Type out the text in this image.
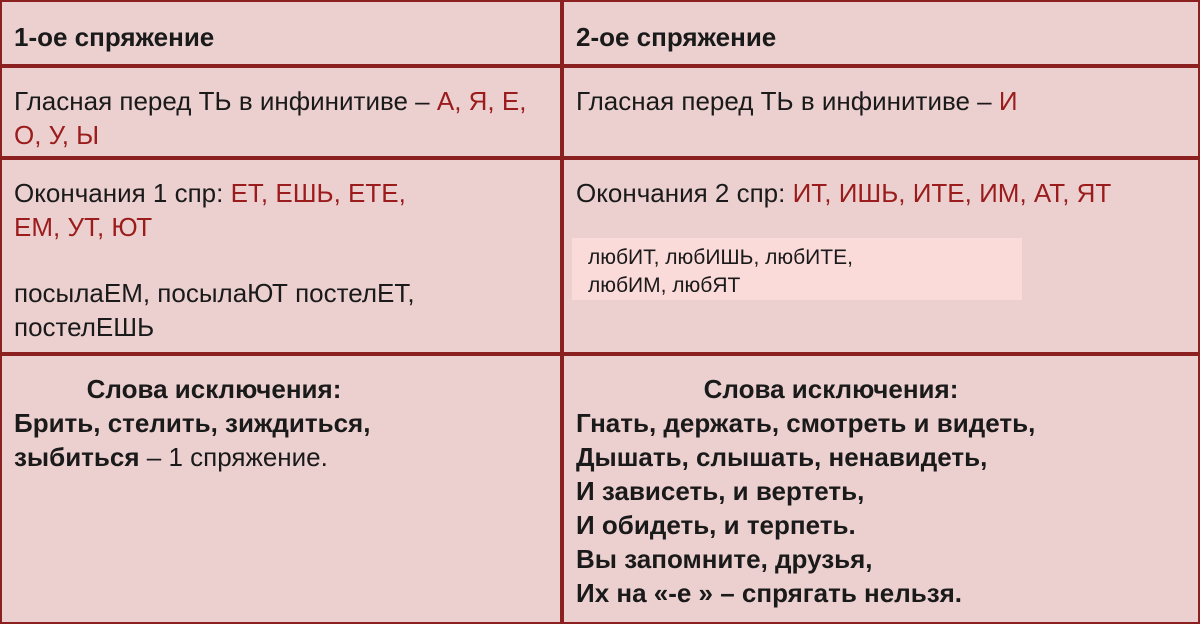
1-ое спряжение	2-ое спряжение
Гласная перед ТЬ в инфинитиве – А, Я, Е, О, У, Ы
Гласная перед ТЬ в инфинитиве – И
Окончания 1 спр: ЕТ, ЕШЬ, ЕТЕ, ЕМ, УТ, ЮТ
посылаЕМ, посылаЮТ постелЕТ, постелЕШЬ
Окончания 2 спр: ИТ, ИШЬ, ИТЕ, ИМ, АТ, ЯТ
любИТ, любИШЬ, любИТЕ,
любИМ, любЯТ
Слова исключения:
Брить, стелить, зиждиться, зыбиться – 1 спряжение.
Слова исключения:
Гнать, держать, смотреть и видеть,
Дышать, слышать, ненавидеть,
И зависеть, и вертеть,
И обидеть, и терпеть.
Вы запомните, друзья,
Их на «-е » – спрягать нельзя.
